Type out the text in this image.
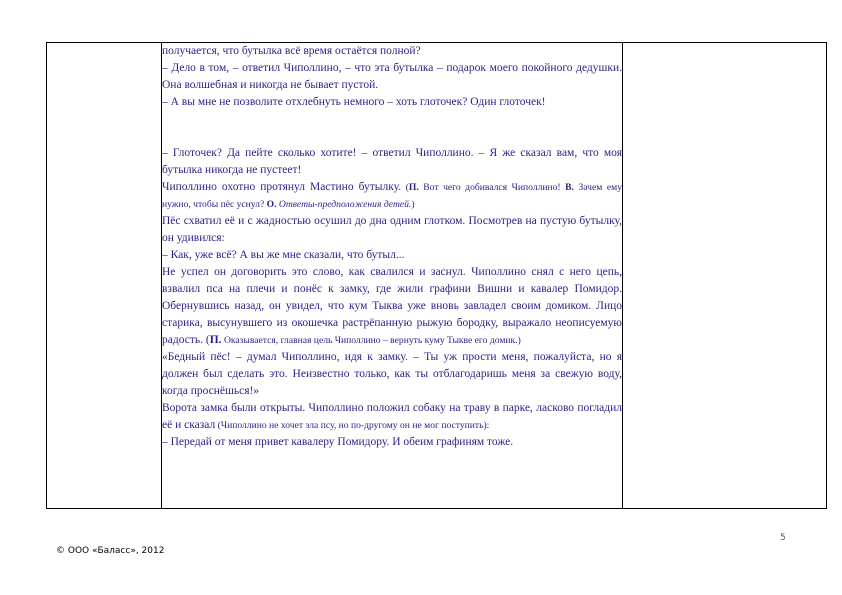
получается, что бутылка всё время остаётся полной?

– Дело в том, – ответил Чиполлино, – что эта бутылка – подарок моего покойного дедушки. Она волшебная и никогда не бывает пустой.

– А вы мне не позволите отхлебнуть немного – хоть глоточек? Один глоточек!

– Глоточек? Да пейте сколько хотите! – ответил Чиполлино. – Я же сказал вам, что моя бутылка никогда не пустеет!

Чиполлино охотно протянул Мастино бутылку. (П. Вот чего добивался Чиполлино! В. Зачем ему нужно, чтобы пёс уснул? О. Ответы-предположения детей.)

Пёс схватил её и с жадностью осушил до дна одним глотком. Посмотрев на пустую бутылку, он удивился:

– Как, уже всё? А вы же мне сказали, что бутыл...

Не успел он договорить это слово, как свалился и заснул. Чиполлино снял с него цепь, взвалил пса на плечи и понёс к замку, где жили графини Вишни и кавалер Помидор. Обернувшись назад, он увидел, что кум Тыква уже вновь завладел своим домиком. Лицо старика, высунувшего из окошечка растрёпанную рыжую бородку, выражало неописуемую радость. (П. Оказывается, главная цель Чиполлино – вернуть куму Тыкве его домик.)

«Бедный пёс! – думал Чиполлино, идя к замку. – Ты уж прости меня, пожалуйста, но я должен был сделать это. Неизвестно только, как ты отблагодаришь меня за свежую воду, когда проснёшься!»

Ворота замка были открыты. Чиполлино положил собаку на траву в парке, ласково погладил её и сказал (Чиполлино не хочет зла псу, но по-другому он не мог поступить):

– Передай от меня привет кавалеру Помидору. И обеим графиням тоже.

5
© ООО «Баласс», 2012
